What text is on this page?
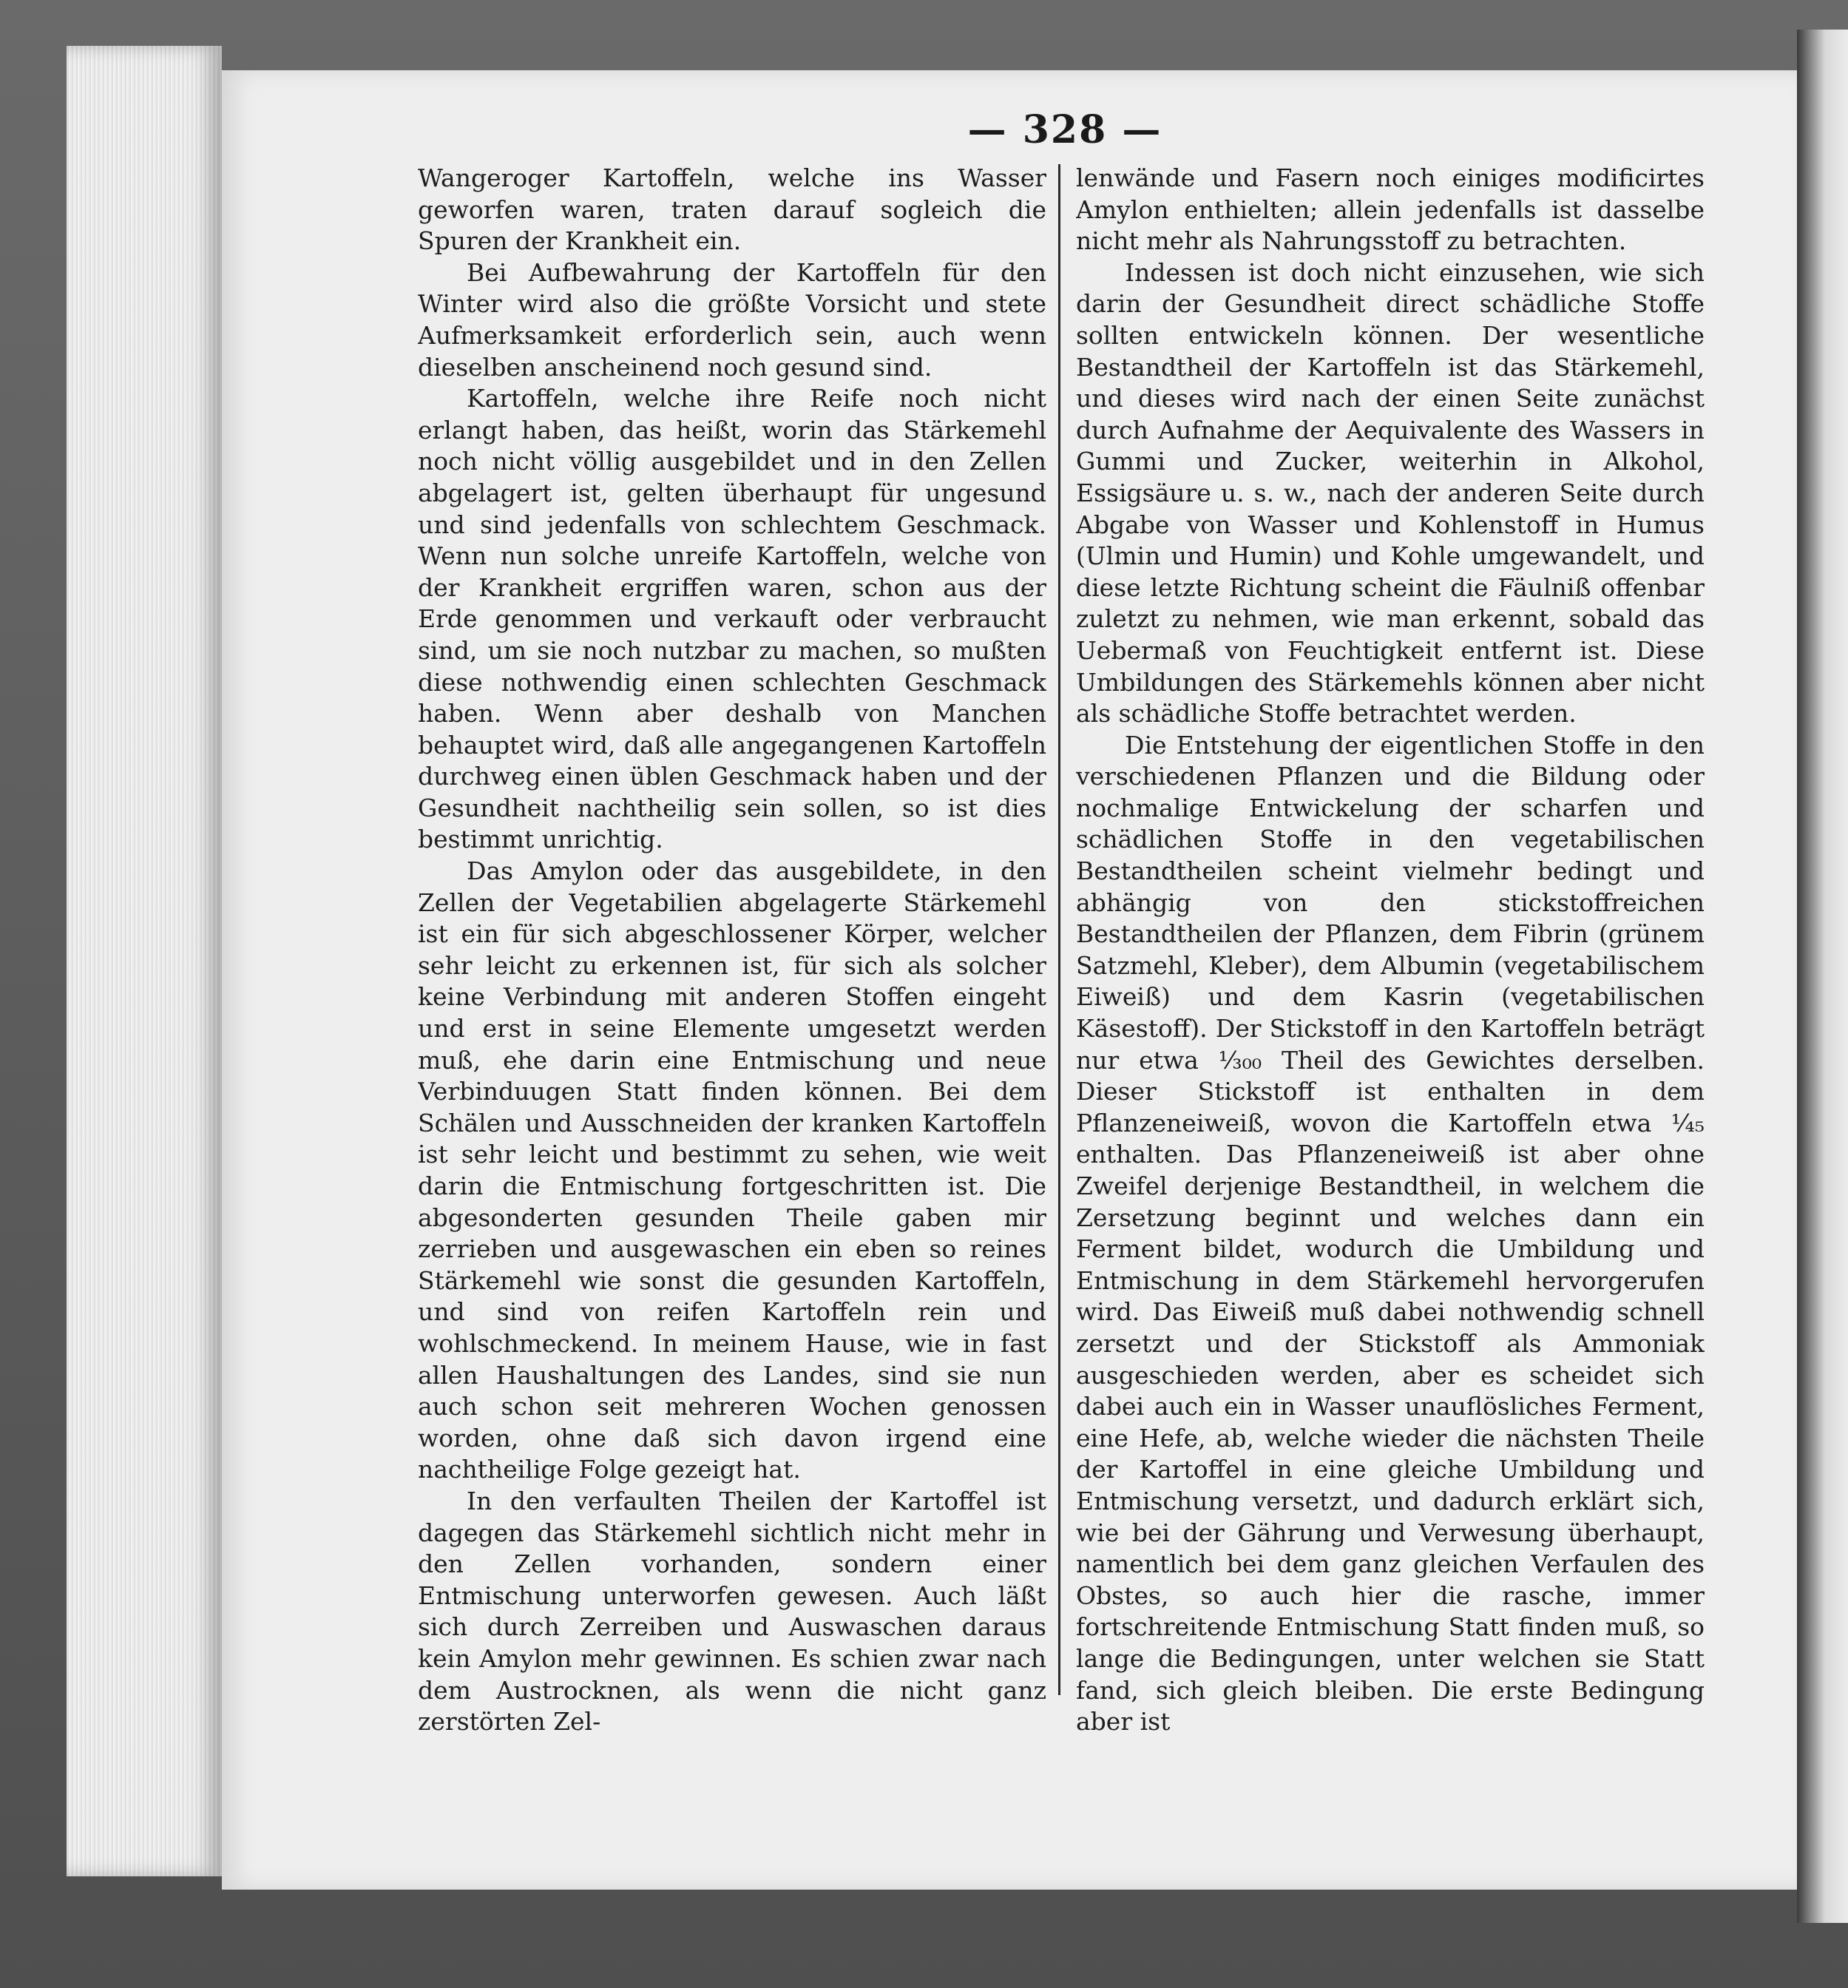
— 328 —

Wangeroger Kartoffeln, welche ins Wasser geworfen waren, traten darauf sogleich die Spuren der Krankheit ein.

Bei Aufbewahrung der Kartoffeln für den Winter wird also die größte Vorsicht und stete Aufmerksamkeit erforderlich sein, auch wenn dieselben anscheinend noch gesund sind.

Kartoffeln, welche ihre Reife noch nicht erlangt haben, das heißt, worin das Stärkemehl noch nicht völlig ausgebildet und in den Zellen abgelagert ist, gelten überhaupt für ungesund und sind jedenfalls von schlechtem Geschmack. Wenn nun solche unreife Kartoffeln, welche von der Krankheit ergriffen waren, schon aus der Erde genommen und verkauft oder verbraucht sind, um sie noch nutzbar zu machen, so mußten diese nothwendig einen schlechten Geschmack haben. Wenn aber deshalb von Manchen behauptet wird, daß alle angegangenen Kartoffeln durchweg einen üblen Geschmack haben und der Gesundheit nachtheilig sein sollen, so ist dies bestimmt unrichtig.

Das Amylon oder das ausgebildete, in den Zellen der Vegetabilien abgelagerte Stärkemehl ist ein für sich abgeschlossener Körper, welcher sehr leicht zu erkennen ist, für sich als solcher keine Verbindung mit anderen Stoffen eingeht und erst in seine Elemente umgesetzt werden muß, ehe darin eine Entmischung und neue Verbinduugen Statt finden können. Bei dem Schälen und Ausschneiden der kranken Kartoffeln ist sehr leicht und bestimmt zu sehen, wie weit darin die Entmischung fortgeschritten ist. Die abgesonderten gesunden Theile gaben mir zerrieben und ausgewaschen ein eben so reines Stärkemehl wie sonst die gesunden Kartoffeln, und sind von reifen Kartoffeln rein und wohlschmeckend. In meinem Hause, wie in fast allen Haushaltungen des Landes, sind sie nun auch schon seit mehreren Wochen genossen worden, ohne daß sich davon irgend eine nachtheilige Folge gezeigt hat.

In den verfaulten Theilen der Kartoffel ist dagegen das Stärkemehl sichtlich nicht mehr in den Zellen vorhanden, sondern einer Entmischung unterworfen gewesen. Auch läßt sich durch Zerreiben und Auswaschen daraus kein Amylon mehr gewinnen. Es schien zwar nach dem Austrocknen, als wenn die nicht ganz zerstörten Zel-

lenwände und Fasern noch einiges modificirtes Amylon enthielten; allein jedenfalls ist dasselbe nicht mehr als Nahrungsstoff zu betrachten.

Indessen ist doch nicht einzusehen, wie sich darin der Gesundheit direct schädliche Stoffe sollten entwickeln können. Der wesentliche Bestandtheil der Kartoffeln ist das Stärkemehl, und dieses wird nach der einen Seite zunächst durch Aufnahme der Aequivalente des Wassers in Gummi und Zucker, weiterhin in Alkohol, Essigsäure u. s. w., nach der anderen Seite durch Abgabe von Wasser und Kohlenstoff in Humus (Ulmin und Humin) und Kohle umgewandelt, und diese letzte Richtung scheint die Fäulniß offenbar zuletzt zu nehmen, wie man erkennt, sobald das Uebermaß von Feuchtigkeit entfernt ist. Diese Umbildungen des Stärkemehls können aber nicht als schädliche Stoffe betrachtet werden.

Die Entstehung der eigentlichen Stoffe in den verschiedenen Pflanzen und die Bildung oder nochmalige Entwickelung der scharfen und schädlichen Stoffe in den vegetabilischen Bestandtheilen scheint vielmehr bedingt und abhängig von den stickstoffreichen Bestandtheilen der Pflanzen, dem Fibrin (grünem Satzmehl, Kleber), dem Albumin (vegetabilischem Eiweiß) und dem Kasrin (vegetabilischen Käsestoff). Der Stickstoff in den Kartoffeln beträgt nur etwa ¹⁄₃₀₀ Theil des Gewichtes derselben. Dieser Stickstoff ist enthalten in dem Pflanzeneiweiß, wovon die Kartoffeln etwa ¹⁄₄₅ enthalten. Das Pflanzeneiweiß ist aber ohne Zweifel derjenige Bestandtheil, in welchem die Zersetzung beginnt und welches dann ein Ferment bildet, wodurch die Umbildung und Entmischung in dem Stärkemehl hervorgerufen wird. Das Eiweiß muß dabei nothwendig schnell zersetzt und der Stickstoff als Ammoniak ausgeschieden werden, aber es scheidet sich dabei auch ein in Wasser unauflösliches Ferment, eine Hefe, ab, welche wieder die nächsten Theile der Kartoffel in eine gleiche Umbildung und Entmischung versetzt, und dadurch erklärt sich, wie bei der Gährung und Verwesung überhaupt, namentlich bei dem ganz gleichen Verfaulen des Obstes, so auch hier die rasche, immer fortschreitende Entmischung Statt finden muß, so lange die Bedingungen, unter welchen sie Statt fand, sich gleich bleiben. Die erste Bedingung aber ist
